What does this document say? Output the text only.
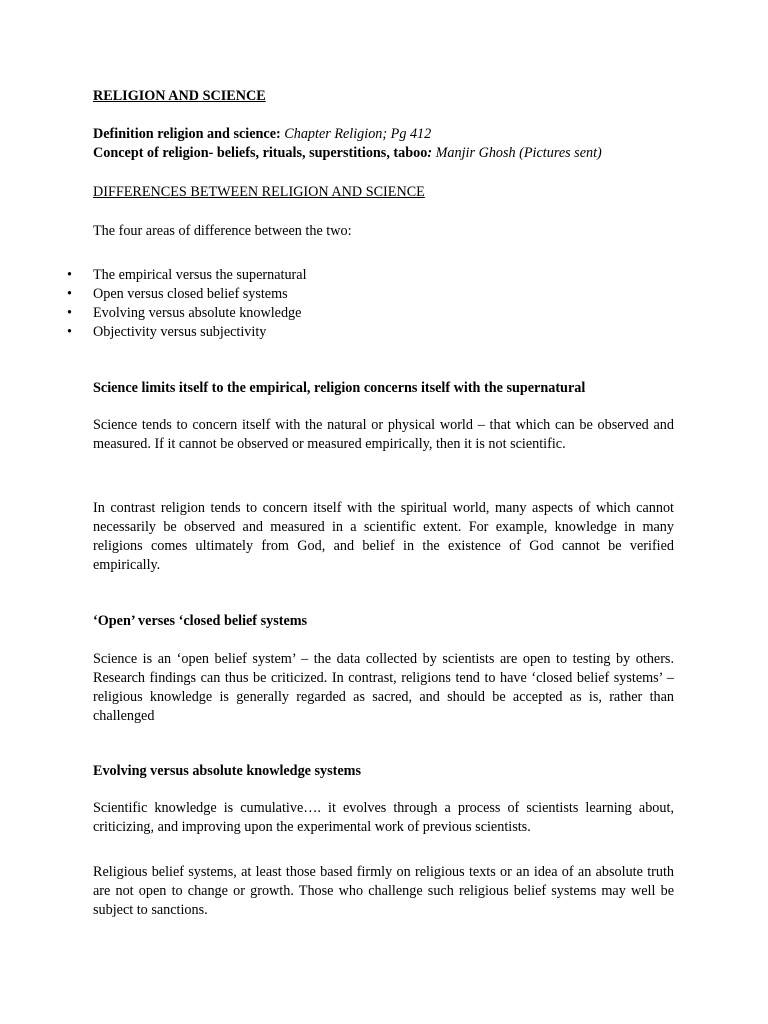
RELIGION AND SCIENCE

Definition religion and science: Chapter Religion; Pg 412

Concept of religion- beliefs, rituals, superstitions, taboo: Manjir Ghosh (Pictures sent)

DIFFERENCES BETWEEN RELIGION AND SCIENCE

The four areas of difference between the two:

• The empirical versus the supernatural
• Open versus closed belief systems
• Evolving versus absolute knowledge
• Objectivity versus subjectivity

Science limits itself to the empirical, religion concerns itself with the supernatural

Science tends to concern itself with the natural or physical world – that which can be observed and measured. If it cannot be observed or measured empirically, then it is not scientific.

In contrast religion tends to concern itself with the spiritual world, many aspects of which cannot necessarily be observed and measured in a scientific extent. For example, knowledge in many religions comes ultimately from God, and belief in the existence of God cannot be verified empirically.

‘Open’ verses ‘closed belief systems

Science is an ‘open belief system’ – the data collected by scientists are open to testing by others. Research findings can thus be criticized. In contrast, religions tend to have ‘closed belief systems’ – religious knowledge is generally regarded as sacred, and should be accepted as is, rather than challenged

Evolving versus absolute knowledge systems

Scientific knowledge is cumulative…. it evolves through a process of scientists learning about, criticizing, and improving upon the experimental work of previous scientists.

Religious belief systems, at least those based firmly on religious texts or an idea of an absolute truth are not open to change or growth. Those who challenge such religious belief systems may well be subject to sanctions.
